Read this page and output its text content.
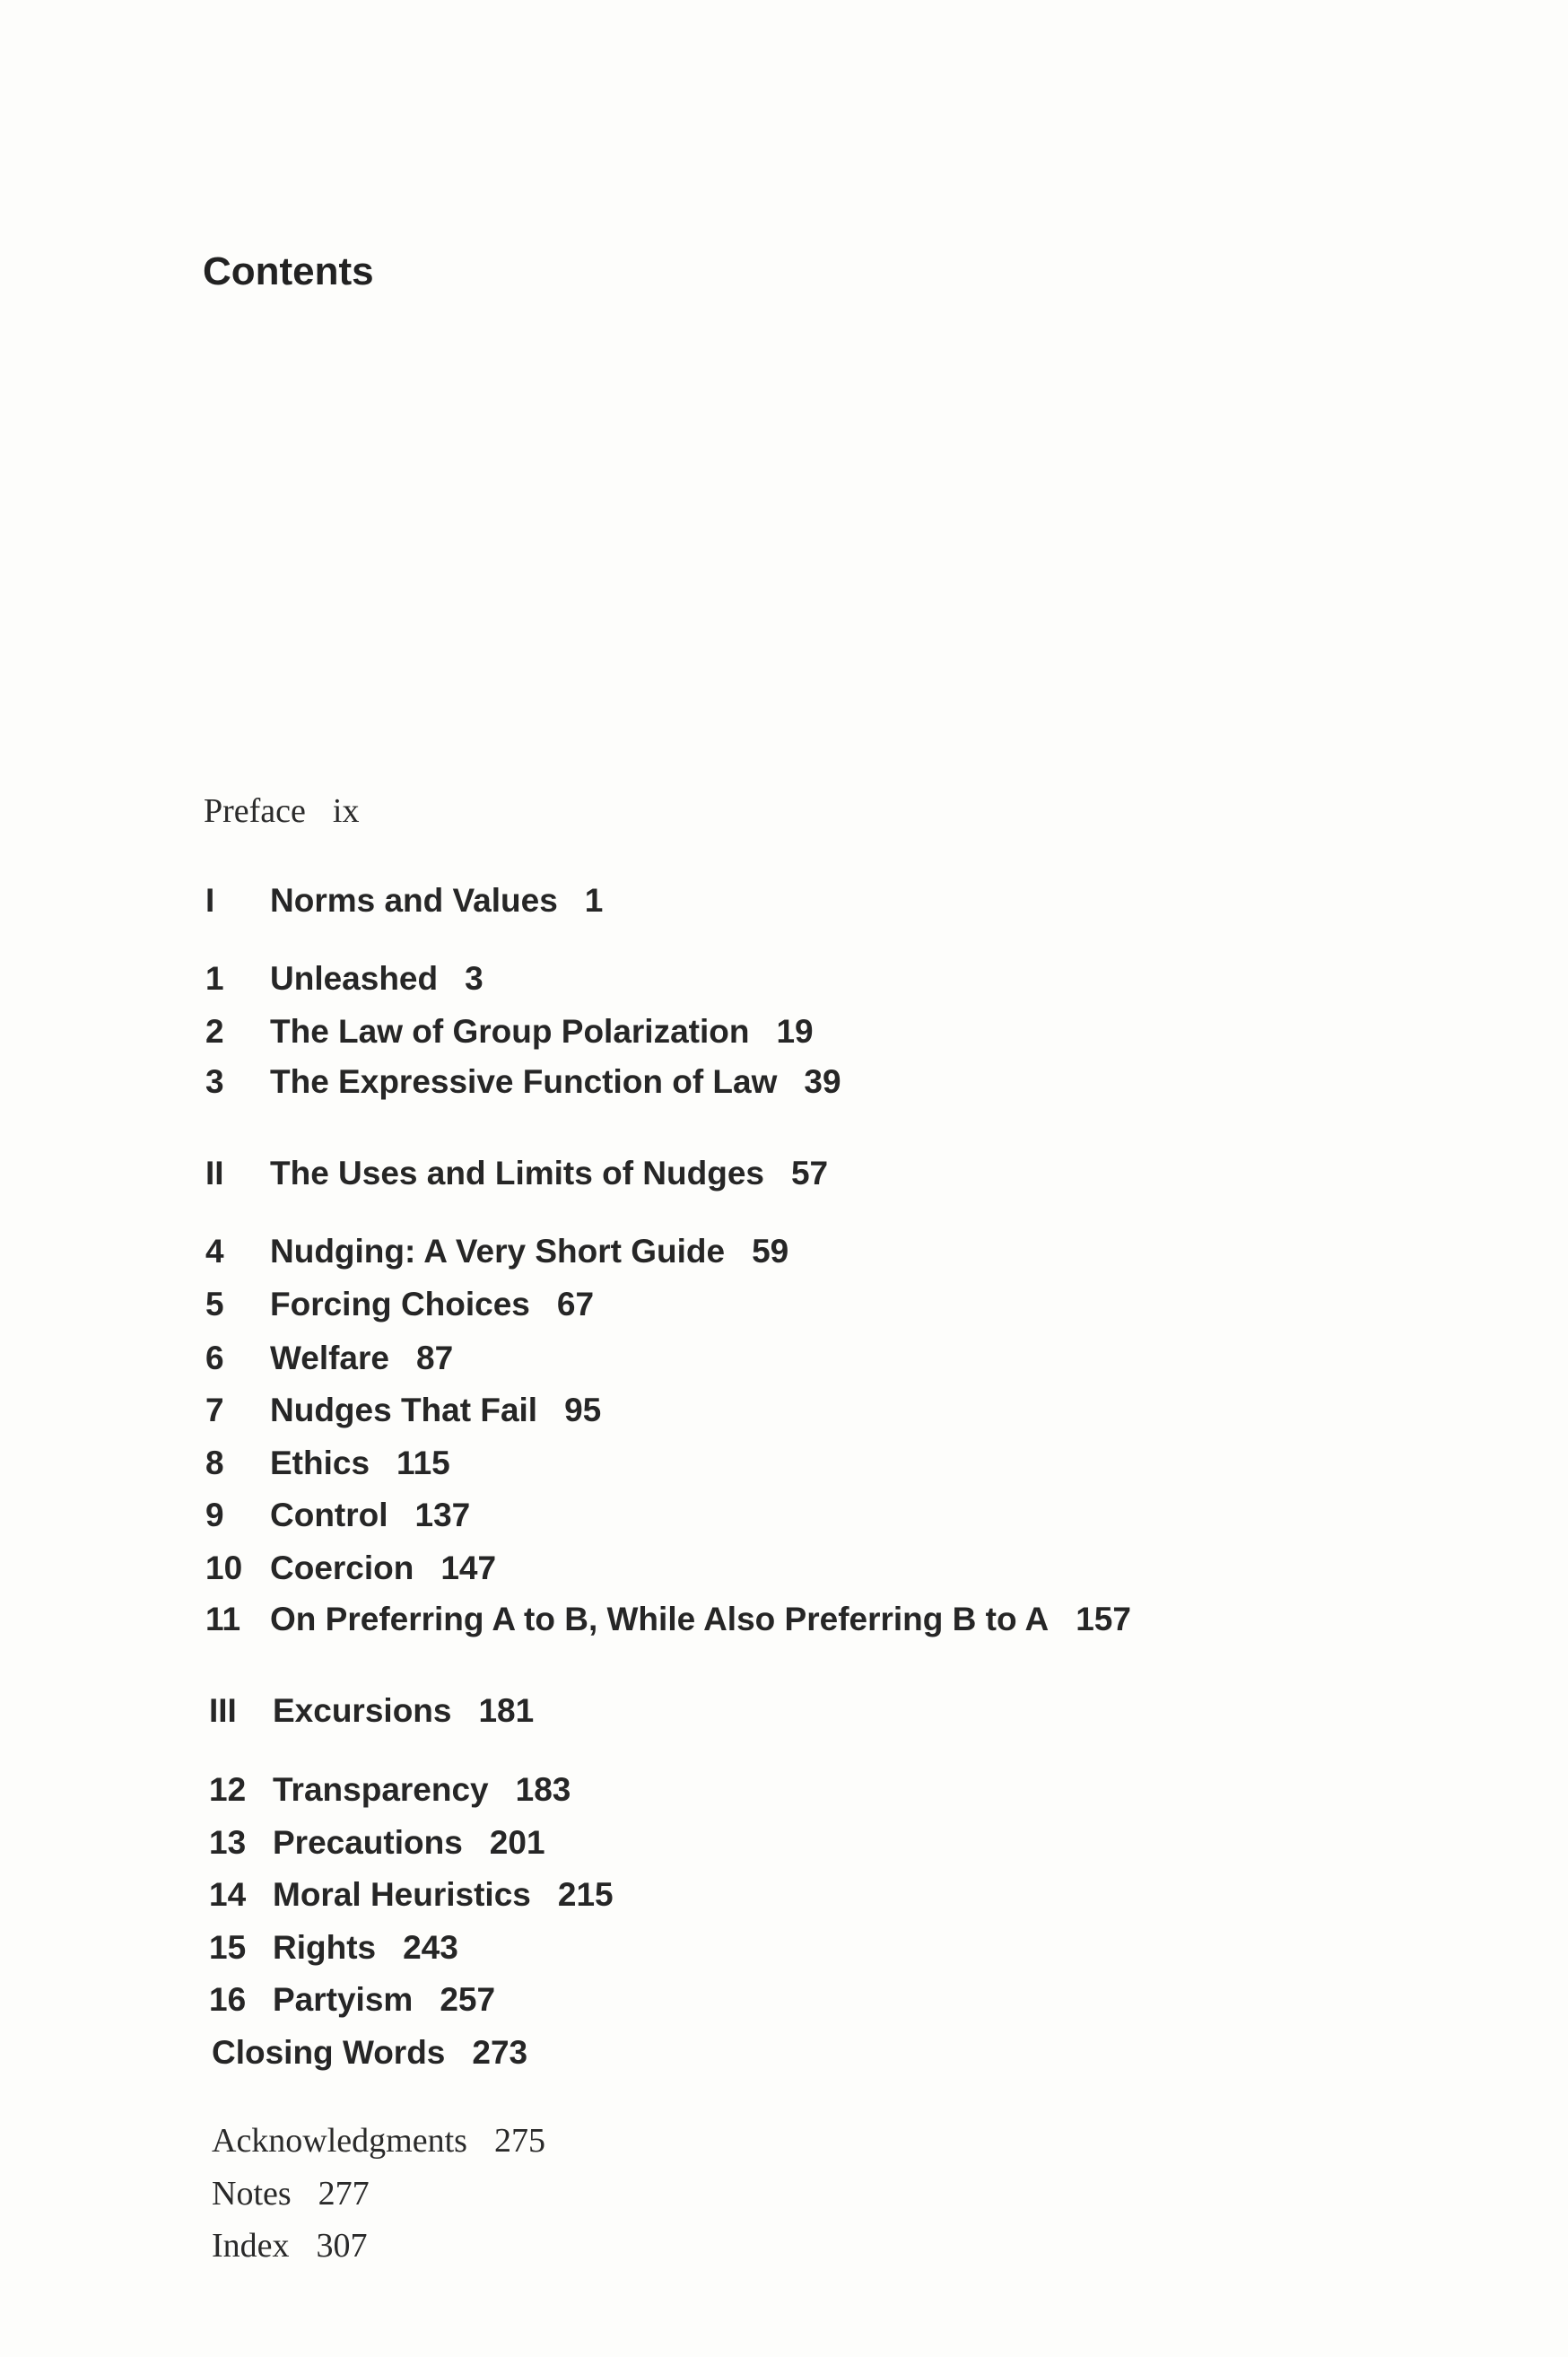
Contents
Preface ix
I Norms and Values 1
1 Unleashed 3
2 The Law of Group Polarization 19
3 The Expressive Function of Law 39
II The Uses and Limits of Nudges 57
4 Nudging: A Very Short Guide 59
5 Forcing Choices 67
6 Welfare 87
7 Nudges That Fail 95
8 Ethics 115
9 Control 137
10 Coercion 147
11 On Preferring A to B, While Also Preferring B to A 157
III Excursions 181
12 Transparency 183
13 Precautions 201
14 Moral Heuristics 215
15 Rights 243
16 Partyism 257
Closing Words 273
Acknowledgments 275
Notes 277
Index 307
